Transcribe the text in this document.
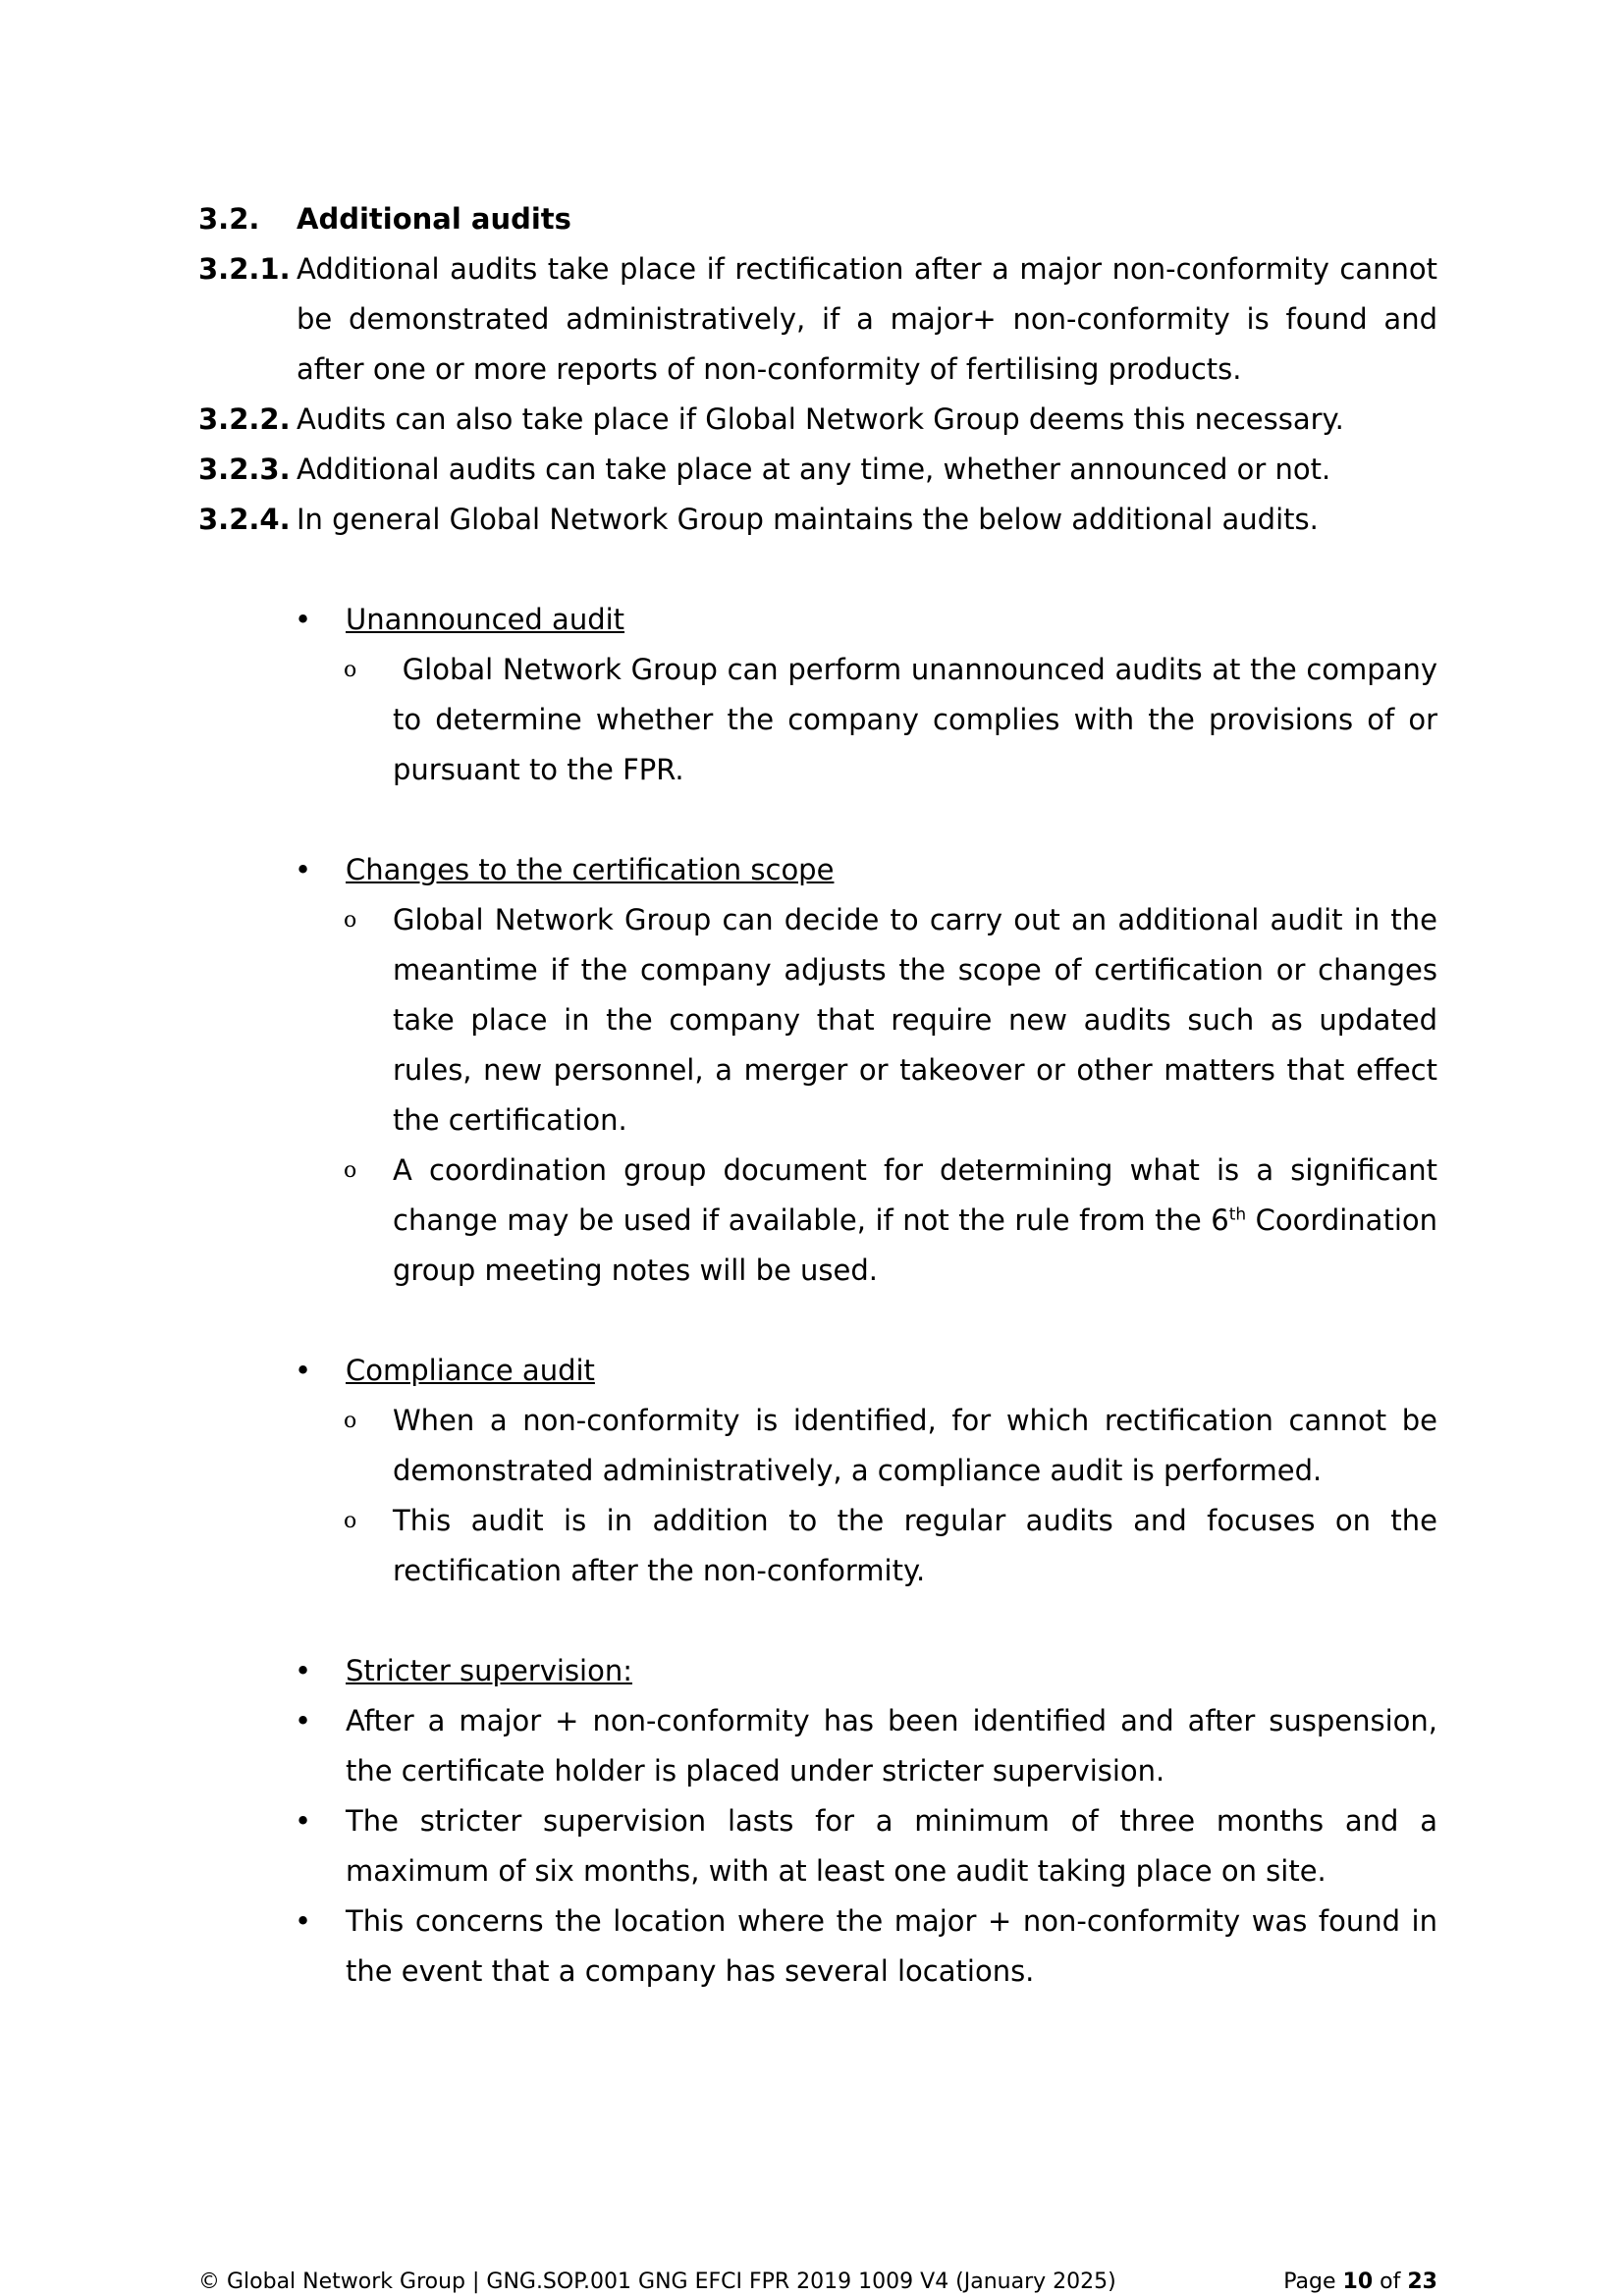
3.2.	Additional audits
3.2.1. Additional audits take place if rectification after a major non-conformity cannot be demonstrated administratively, if a major+ non-conformity is found and after one or more reports of non-conformity of fertilising products.
3.2.2. Audits can also take place if Global Network Group deems this necessary.
3.2.3. Additional audits can take place at any time, whether announced or not.
3.2.4. In general Global Network Group maintains the below additional audits.
•	Unannounced audit
o	Global Network Group can perform unannounced audits at the company to determine whether the company complies with the provisions of or pursuant to the FPR.
•	Changes to the certification scope
o	Global Network Group can decide to carry out an additional audit in the meantime if the company adjusts the scope of certification or changes take place in the company that require new audits such as updated rules, new personnel, a merger or takeover or other matters that effect the certification.
o	A coordination group document for determining what is a significant change may be used if available, if not the rule from the 6th Coordination group meeting notes will be used.
•	Compliance audit
o	When a non-conformity is identified, for which rectification cannot be demonstrated administratively, a compliance audit is performed.
o	This audit is in addition to the regular audits and focuses on the rectification after the non-conformity.
•	Stricter supervision:
•	After a major + non-conformity has been identified and after suspension, the certificate holder is placed under stricter supervision.
•	The stricter supervision lasts for a minimum of three months and a maximum of six months, with at least one audit taking place on site.
•	This concerns the location where the major + non-conformity was found in the event that a company has several locations.
© Global Network Group | GNG.SOP.001 GNG EFCI FPR 2019 1009 V4 (January 2025)	Page 10 of 23
